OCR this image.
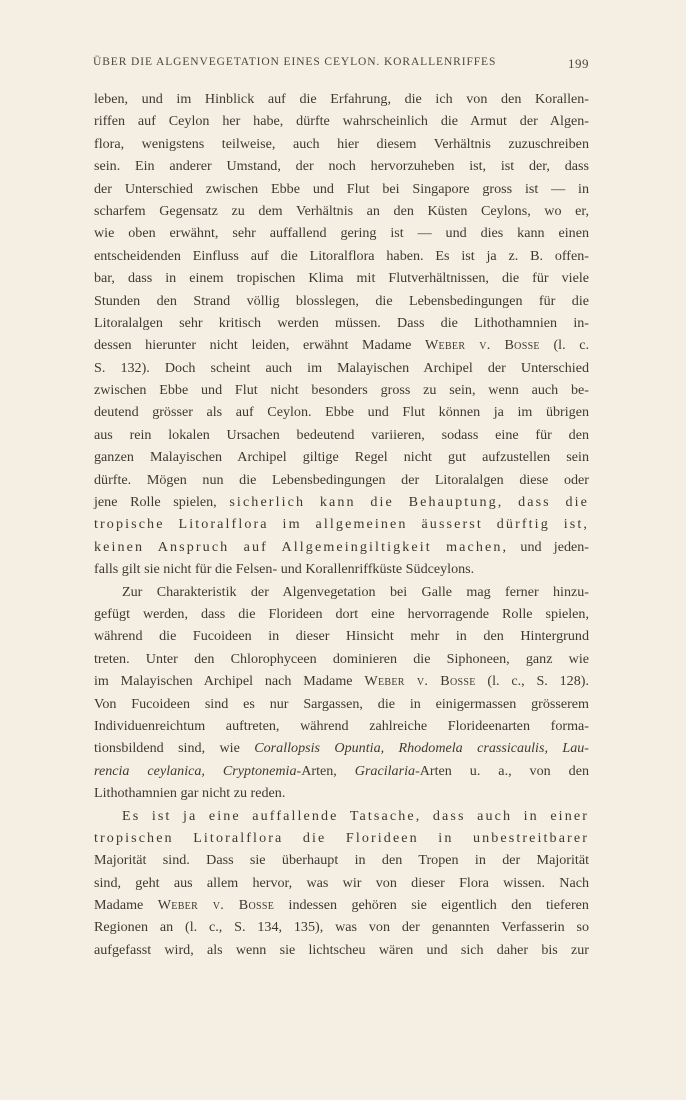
ÜBER DIE ALGENVEGETATION EINES CEYLON. KORALLENRIFFES	199
leben, und im Hinblick auf die Erfahrung, die ich von den Korallen-
riffen auf Ceylon her habe, dürfte wahrscheinlich die Armut der Algen-
flora, wenigstens teilweise, auch hier diesem Verhältnis zuzuschreiben
sein. Ein anderer Umstand, der noch hervorzuheben ist, ist der, dass
der Unterschied zwischen Ebbe und Flut bei Singapore gross ist — in
scharfem Gegensatz zu dem Verhältnis an den Küsten Ceylons, wo er,
wie oben erwähnt, sehr auffallend gering ist — und dies kann einen
entscheidenden Einfluss auf die Litoralflora haben. Es ist ja z. B. offen-
bar, dass in einem tropischen Klima mit Flutverhältnissen, die für viele
Stunden den Strand völlig blosslegen, die Lebensbedingungen für die
Litoralalgen sehr kritisch werden müssen. Dass die Lithothamnien in-
dessen hierunter nicht leiden, erwähnt Madame Weber v. Bosse (l. c.
S. 132). Doch scheint auch im Malayischen Archipel der Unterschied
zwischen Ebbe und Flut nicht besonders gross zu sein, wenn auch be-
deutend grösser als auf Ceylon. Ebbe und Flut können ja im übrigen
aus rein lokalen Ursachen bedeutend variieren, sodass eine für den
ganzen Malayischen Archipel giltige Regel nicht gut aufzustellen sein
dürfte. Mögen nun die Lebensbedingungen der Litoralalgen diese oder
jene Rolle spielen, sicherlich kann die Behauptung, dass die
tropische Litoralflora im allgemeinen äusserst dürftig ist,
keinen Anspruch auf Allgemeingiltigkeit machen, und jeden-
falls gilt sie nicht für die Felsen- und Korallenriffküste Südceylons.
Zur Charakteristik der Algenvegetation bei Galle mag ferner hinzu-
gefügt werden, dass die Florideen dort eine hervorragende Rolle spielen,
während die Fucoideen in dieser Hinsicht mehr in den Hintergrund
treten. Unter den Chlorophyceen dominieren die Siphoneen, ganz wie
im Malayischen Archipel nach Madame Weber v. Bosse (l. c., S. 128).
Von Fucoideen sind es nur Sargassen, die in einigermassen grösserem
Individuenreichtum auftreten, während zahlreiche Florideenarten forma-
tionsbildend sind, wie Corallopsis Opuntia, Rhodomela crassicaulis, Lau-
rencia ceylanica, Cryptonemia-Arten, Gracilaria-Arten u. a., von den
Lithothamnien gar nicht zu reden.
Es ist ja eine auffallende Tatsache, dass auch in einer
tropischen Litoralflora die Florideen in unbestreitbarer
Majorität sind. Dass sie überhaupt in den Tropen in der Majorität
sind, geht aus allem hervor, was wir von dieser Flora wissen. Nach
Madame Weber v. Bosse indessen gehören sie eigentlich den tieferen
Regionen an (l. c., S. 134, 135), was von der genannten Verfasserin so
aufgefasst wird, als wenn sie lichtscheu wären und sich daher bis zur
